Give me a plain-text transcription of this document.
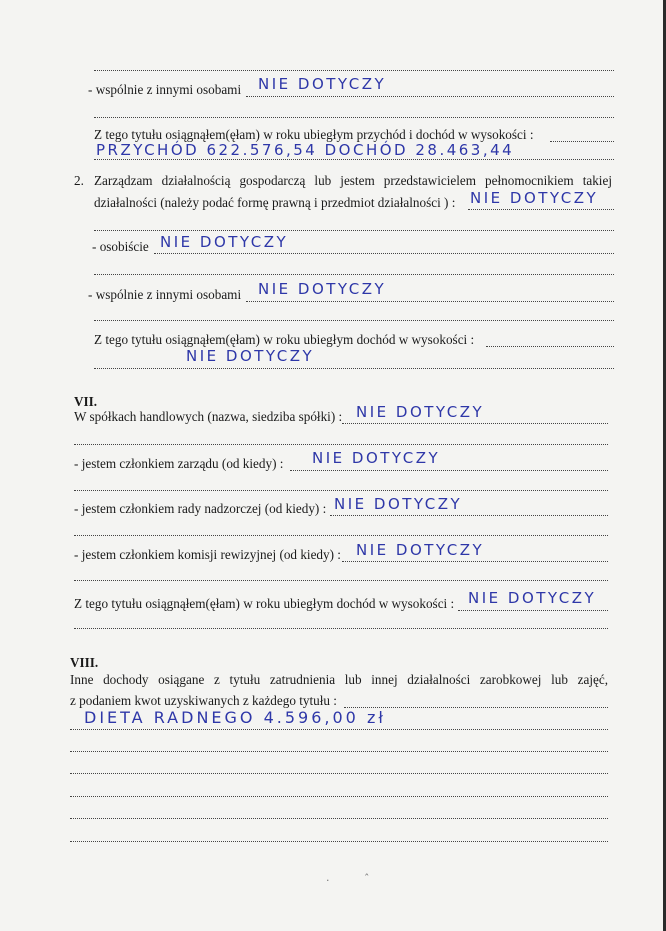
- wspólnie z innymi osobami NIE DOTYCZY
Z tego tytułu osiągnąłem(ęłam) w roku ubiegłym przychód i dochód w wysokości :
PRZYCHÓD 622.576,54 DOCHÓD 28.463,44
2. Zarządzam działalnością gospodarczą lub jestem przedstawicielem pełnomocnikiem takiej
działalności (należy podać formę prawną i przedmiot działalności ) : NIE DOTYCZY
- osobiście NIE DOTYCZY
- wspólnie z innymi osobami NIE DOTYCZY
Z tego tytułu osiągnąłem(ęłam) w roku ubiegłym dochód w wysokości :
NIE DOTYCZY
VII.
W spółkach handlowych (nazwa, siedziba spółki) : NIE DOTYCZY
- jestem członkiem zarządu (od kiedy) : NIE DOTYCZY
- jestem członkiem rady nadzorczej (od kiedy) : NIE DOTYCZY
- jestem członkiem komisji rewizyjnej (od kiedy) : NIE DOTYCZY
Z tego tytułu osiągnąłem(ęłam) w roku ubiegłym dochód w wysokości : NIE DOTYCZY
VIII.
Inne dochody osiągane z tytułu zatrudnienia lub innej działalności zarobkowej lub zajęć,
z podaniem kwot uzyskiwanych z każdego tytułu :
DIETA RADNEGO 4.596,00 zł
·	ˆ
